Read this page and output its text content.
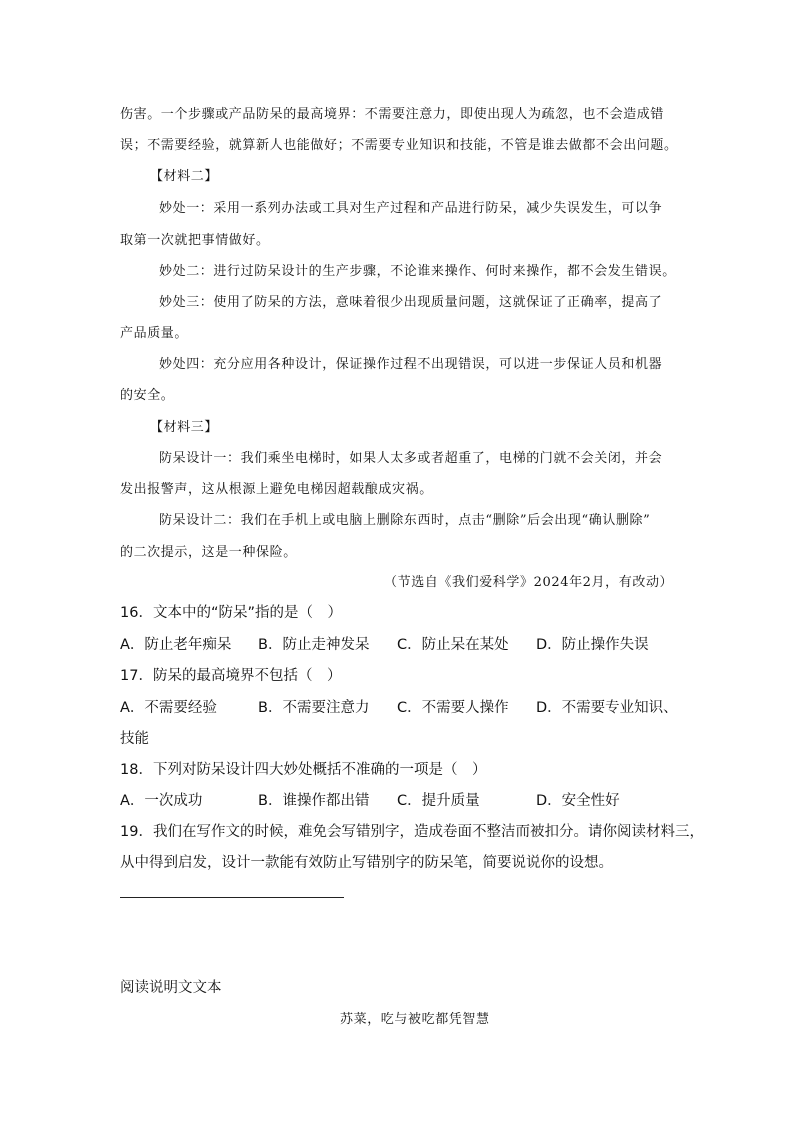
伤害。一个步骤或产品防呆的最高境界：不需要注意力，即使出现人为疏忽，也不会造成错
误；不需要经验，就算新人也能做好；不需要专业知识和技能，不管是谁去做都不会出问题。
【材料二】
妙处一：采用一系列办法或工具对生产过程和产品进行防呆，减少失误发生，可以争
取第一次就把事情做好。
妙处二：进行过防呆设计的生产步骤，不论谁来操作、何时来操作，都不会发生错误。
妙处三：使用了防呆的方法，意味着很少出现质量问题，这就保证了正确率，提高了
产品质量。
妙处四：充分应用各种设计，保证操作过程不出现错误，可以进一步保证人员和机器
的安全。
【材料三】
防呆设计一：我们乘坐电梯时，如果人太多或者超重了，电梯的门就不会关闭，并会
发出报警声，这从根源上避免电梯因超载酿成灾祸。
防呆设计二：我们在手机上或电脑上删除东西时，点击“删除”后会出现“确认删除”
的二次提示，这是一种保险。
（节选自《我们爱科学》2024年2月，有改动）
16．文本中的“防呆”指的是（　）
A．防止老年痴呆 B．防止走神发呆 C．防止呆在某处 D．防止操作失误
17．防呆的最高境界不包括（　）
A．不需要经验	B．不需要注意力 C．不需要人操作 D．不需要专业知识、
技能
18．下列对防呆设计四大妙处概括不准确的一项是（　）
A．一次成功	B．谁操作都出错 C．提升质量	D．安全性好
19．我们在写作文的时候，难免会写错别字，造成卷面不整洁而被扣分。请你阅读材料三，
从中得到启发，设计一款能有效防止写错别字的防呆笔，简要说说你的设想。
阅读说明文文本
苏菜，吃与被吃都凭智慧
